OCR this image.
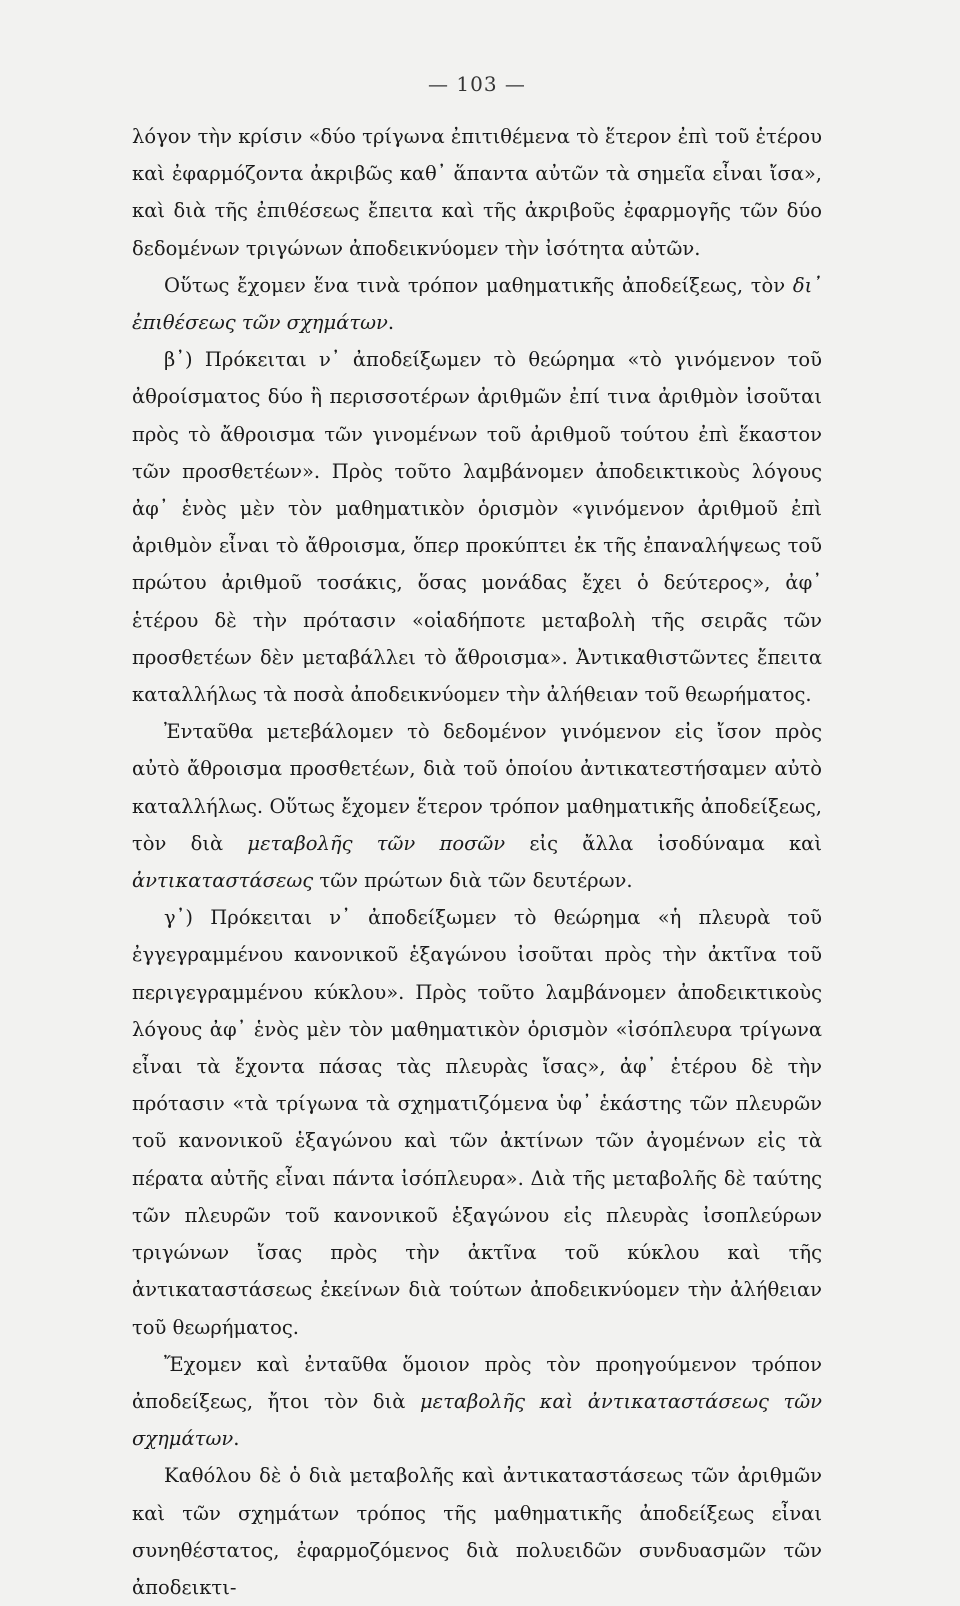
— 103 —

λόγον τὴν κρίσιν «δύο τρίγωνα ἐπιτιθέμενα τὸ ἕτερον ἐπὶ τοῦ ἑτέρου καὶ ἐφαρμόζοντα ἀκριβῶς καθ᾽ ἅπαντα αὐτῶν τὰ σημεῖα εἶναι ἴσα», καὶ διὰ τῆς ἐπιθέσεως ἔπειτα καὶ τῆς ἀκριβοῦς ἐφαρμογῆς τῶν δύο δεδομένων τριγώνων ἀποδεικνύομεν τὴν ἰσότητα αὐτῶν.

Οὕτως ἔχομεν ἕνα τινὰ τρόπον μαθηματικῆς ἀποδείξεως, τὸν δι᾽ ἐπιθέσεως τῶν σχημάτων.

β᾽) Πρόκειται ν᾽ ἀποδείξωμεν τὸ θεώρημα «τὸ γινόμενον τοῦ ἀθροίσματος δύο ἢ περισσοτέρων ἀριθμῶν ἐπί τινα ἀριθμὸν ἰσοῦται πρὸς τὸ ἄθροισμα τῶν γινομένων τοῦ ἀριθμοῦ τούτου ἐπὶ ἕκαστον τῶν προσθετέων». Πρὸς τοῦτο λαμβάνομεν ἀποδεικτικοὺς λόγους ἀφ᾽ ἑνὸς μὲν τὸν μαθηματικὸν ὁρισμὸν «γινόμενον ἀριθμοῦ ἐπὶ ἀριθμὸν εἶναι τὸ ἄθροισμα, ὅπερ προκύπτει ἐκ τῆς ἐπαναλήψεως τοῦ πρώτου ἀριθμοῦ τοσάκις, ὅσας μονάδας ἔχει ὁ δεύτερος», ἀφ᾽ ἑτέρου δὲ τὴν πρότασιν «οἱαδήποτε μεταβολὴ τῆς σειρᾶς τῶν προσθετέων δὲν μεταβάλλει τὸ ἄθροισμα». Ἀντικαθιστῶντες ἔπειτα καταλλήλως τὰ ποσὰ ἀποδεικνύομεν τὴν ἀλήθειαν τοῦ θεωρήματος.

Ἐνταῦθα μετεβάλομεν τὸ δεδομένον γινόμενον εἰς ἴσον πρὸς αὐτὸ ἄθροισμα προσθετέων, διὰ τοῦ ὁποίου ἀντικατεστήσαμεν αὐτὸ καταλλήλως. Οὕτως ἔχομεν ἕτερον τρόπον μαθηματικῆς ἀποδείξεως, τὸν διὰ μεταβολῆς τῶν ποσῶν εἰς ἄλλα ἰσοδύναμα καὶ ἀντικαταστάσεως τῶν πρώτων διὰ τῶν δευτέρων.

γ᾽) Πρόκειται ν᾽ ἀποδείξωμεν τὸ θεώρημα «ἡ πλευρὰ τοῦ ἐγγεγραμμένου κανονικοῦ ἑξαγώνου ἰσοῦται πρὸς τὴν ἀκτῖνα τοῦ περιγεγραμμένου κύκλου». Πρὸς τοῦτο λαμβάνομεν ἀποδεικτικοὺς λόγους ἀφ᾽ ἑνὸς μὲν τὸν μαθηματικὸν ὁρισμὸν «ἰσόπλευρα τρίγωνα εἶναι τὰ ἔχοντα πάσας τὰς πλευρὰς ἴσας», ἀφ᾽ ἑτέρου δὲ τὴν πρότασιν «τὰ τρίγωνα τὰ σχηματιζόμενα ὑφ᾽ ἑκάστης τῶν πλευρῶν τοῦ κανονικοῦ ἑξαγώνου καὶ τῶν ἀκτίνων τῶν ἀγομένων εἰς τὰ πέρατα αὐτῆς εἶναι πάντα ἰσόπλευρα». Διὰ τῆς μεταβολῆς δὲ ταύτης τῶν πλευρῶν τοῦ κανονικοῦ ἑξαγώνου εἰς πλευρὰς ἰσοπλεύρων τριγώνων ἴσας πρὸς τὴν ἀκτῖνα τοῦ κύκλου καὶ τῆς ἀντικαταστάσεως ἐκείνων διὰ τούτων ἀποδεικνύομεν τὴν ἀλήθειαν τοῦ θεωρήματος.

Ἔχομεν καὶ ἐνταῦθα ὅμοιον πρὸς τὸν προηγούμενον τρόπον ἀποδείξεως, ἤτοι τὸν διὰ μεταβολῆς καὶ ἀντικαταστάσεως τῶν σχημάτων.

Καθόλου δὲ ὁ διὰ μεταβολῆς καὶ ἀντικαταστάσεως τῶν ἀριθμῶν καὶ τῶν σχημάτων τρόπος τῆς μαθηματικῆς ἀποδείξεως εἶναι συνηθέστατος, ἐφαρμοζόμενος διὰ πολυειδῶν συνδυασμῶν τῶν ἀποδεικτι-
